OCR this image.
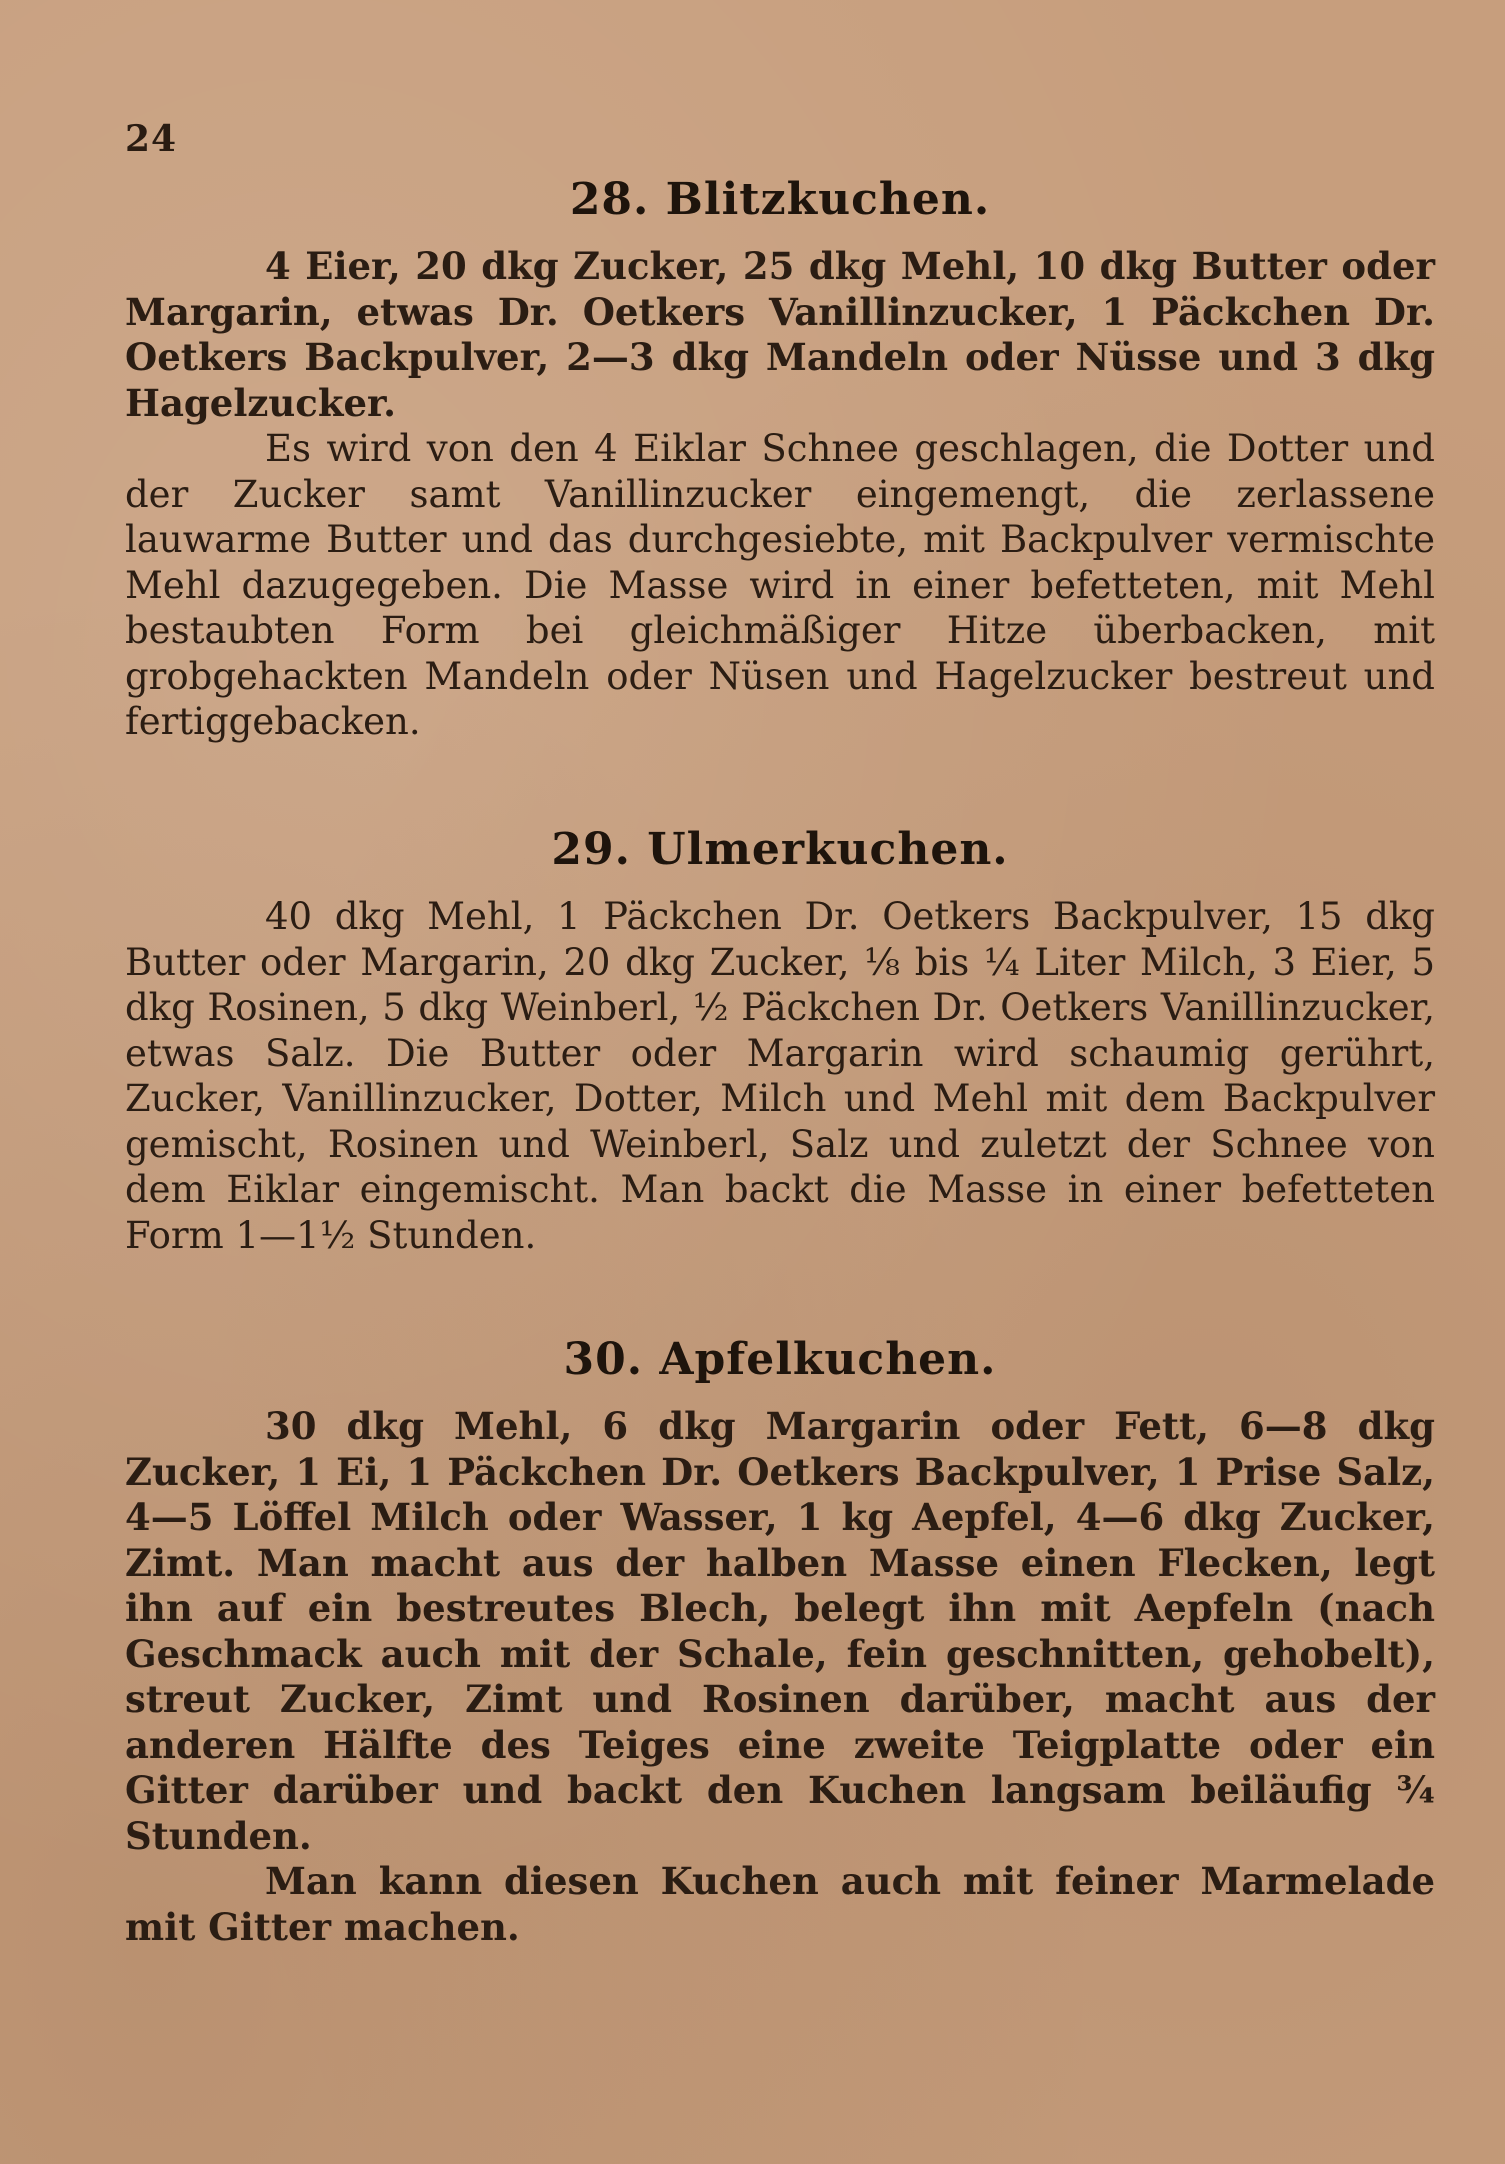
24
28. Blitzkuchen.

4 Eier, 20 dkg Zucker, 25 dkg Mehl, 10 dkg Butter oder Margarin, etwas Dr. Oetkers Vanillinzucker, 1 Päckchen Dr. Oetkers Backpulver, 2—3 dkg Mandeln oder Nüsse und 3 dkg Hagelzucker.

Es wird von den 4 Eiklar Schnee geschlagen, die Dotter und der Zucker samt Vanillinzucker eingemengt, die zerlassene lauwarme Butter und das durchgesiebte, mit Backpulver vermischte Mehl dazugegeben. Die Masse wird in einer befetteten, mit Mehl bestaubten Form bei gleichmäßiger Hitze überbacken, mit grobgehackten Mandeln oder Nüsen und Hagelzucker bestreut und fertiggebacken.

29. Ulmerkuchen.

40 dkg Mehl, 1 Päckchen Dr. Oetkers Backpulver, 15 dkg Butter oder Margarin, 20 dkg Zucker, ⅛ bis ¼ Liter Milch, 3 Eier, 5 dkg Rosinen, 5 dkg Weinberl, ½ Päckchen Dr. Oetkers Vanillinzucker, etwas Salz. Die Butter oder Margarin wird schaumig gerührt, Zucker, Vanillinzucker, Dotter, Milch und Mehl mit dem Backpulver gemischt, Rosinen und Weinberl, Salz und zuletzt der Schnee von dem Eiklar eingemischt. Man backt die Masse in einer befetteten Form 1—1½ Stunden.

30. Apfelkuchen.

30 dkg Mehl, 6 dkg Margarin oder Fett, 6—8 dkg Zucker, 1 Ei, 1 Päckchen Dr. Oetkers Backpulver, 1 Prise Salz, 4—5 Löffel Milch oder Wasser, 1 kg Aepfel, 4—6 dkg Zucker, Zimt. Man macht aus der halben Masse einen Flecken, legt ihn auf ein bestreutes Blech, belegt ihn mit Aepfeln (nach Geschmack auch mit der Schale, fein geschnitten, gehobelt), streut Zucker, Zimt und Rosinen darüber, macht aus der anderen Hälfte des Teiges eine zweite Teigplatte oder ein Gitter darüber und backt den Kuchen langsam beiläufig ¾ Stunden.

Man kann diesen Kuchen auch mit feiner Marmelade mit Gitter machen.
